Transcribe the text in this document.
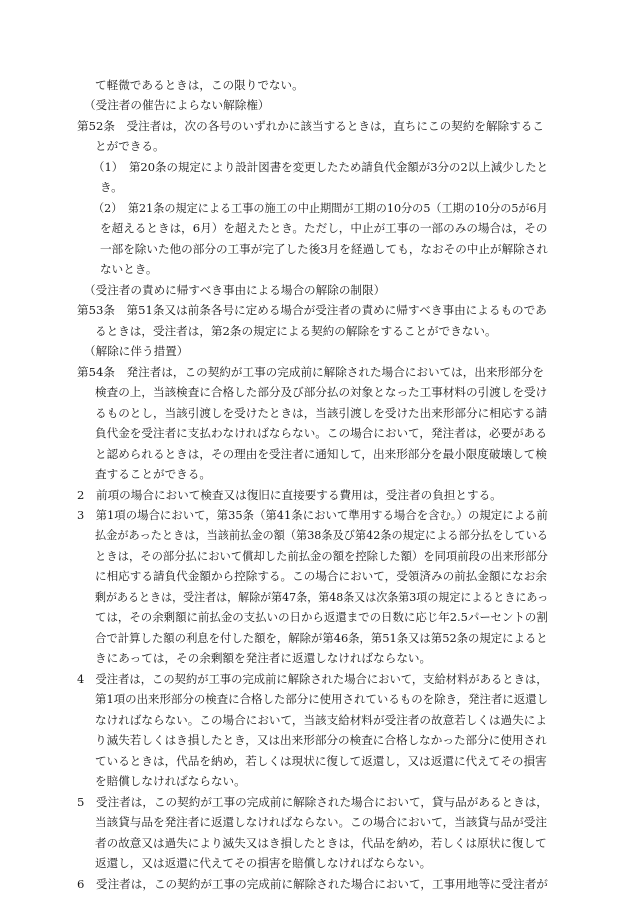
て軽微であるときは，この限りでない。

（受注者の催告によらない解除権）

第52条　受注者は，次の各号のいずれかに該当するときは，直ちにこの契約を解除するこ

とができる。

（1）　第20条の規定により設計図書を変更したため請負代金額が3分の2以上減少したと

き。

（2）　第21条の規定による工事の施工の中止期間が工期の10分の5（工期の10分の5が6月

を超えるときは，6月）を超えたとき。ただし，中止が工事の一部のみの場合は，その

一部を除いた他の部分の工事が完了した後3月を経過しても，なおその中止が解除され

ないとき。

（受注者の責めに帰すべき事由による場合の解除の制限）

第53条　第51条又は前条各号に定める場合が受注者の責めに帰すべき事由によるものであ

るときは，受注者は，第2条の規定による契約の解除をすることができない。

（解除に伴う措置）

第54条　発注者は，この契約が工事の完成前に解除された場合においては，出来形部分を

検査の上，当該検査に合格した部分及び部分払の対象となった工事材料の引渡しを受け

るものとし，当該引渡しを受けたときは，当該引渡しを受けた出来形部分に相応する請

負代金を受注者に支払わなければならない。この場合において，発注者は，必要がある

と認められるときは，その理由を受注者に通知して，出来形部分を最小限度破壊して検

査することができる。

2　前項の場合において検査又は復旧に直接要する費用は，受注者の負担とする。

3　第1項の場合において，第35条（第41条において準用する場合を含む。）の規定による前

払金があったときは，当該前払金の額（第38条及び第42条の規定による部分払をしている

ときは，その部分払において償却した前払金の額を控除した額）を同項前段の出来形部分

に相応する請負代金額から控除する。この場合において，受領済みの前払金額になお余

剰があるときは，受注者は，解除が第47条，第48条又は次条第3項の規定によるときにあっ

ては，その余剰額に前払金の支払いの日から返還までの日数に応じ年2.5パーセントの割

合で計算した額の利息を付した額を，解除が第46条，第51条又は第52条の規定によると

きにあっては，その余剰額を発注者に返還しなければならない。

4　受注者は，この契約が工事の完成前に解除された場合において，支給材料があるときは，

第1項の出来形部分の検査に合格した部分に使用されているものを除き，発注者に返還し

なければならない。この場合において，当該支給材料が受注者の故意若しくは過失によ

り滅失若しくはき損したとき，又は出来形部分の検査に合格しなかった部分に使用され

ているときは，代品を納め，若しくは現状に復して返還し，又は返還に代えてその損害

を賠償しなければならない。

5　受注者は，この契約が工事の完成前に解除された場合において，貸与品があるときは，

当該貸与品を発注者に返還しなければならない。この場合において，当該貸与品が受注

者の故意又は過失により滅失又はき損したときは，代品を納め，若しくは原状に復して

返還し，又は返還に代えてその損害を賠償しなければならない。

6　受注者は，この契約が工事の完成前に解除された場合において，工事用地等に受注者が
